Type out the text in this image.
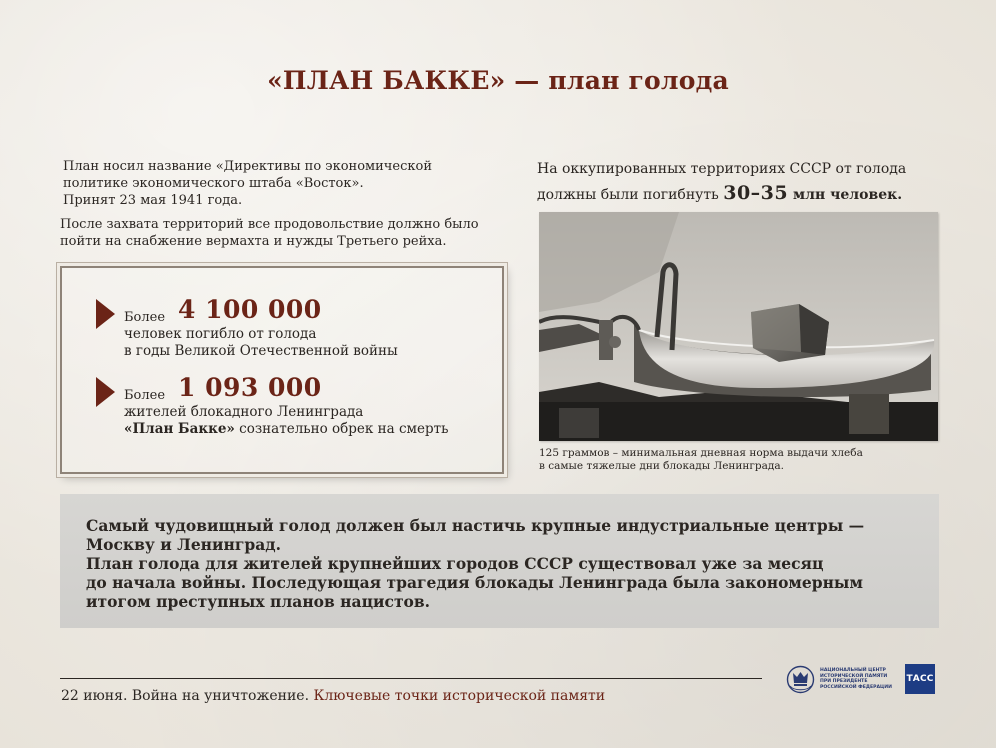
«ПЛАН БАККЕ» — план голода
План носил название «Директивы по экономической
политике экономического штаба «Восток».
Принят 23 мая 1941 года.
После захвата территорий все продовольствие должно было
пойти на снабжение вермахта и нужды Третьего рейха.
Более 4 100 000
человек погибло от голода
в годы Великой Отечественной войны
Более 1 093 000
жителей блокадного Ленинграда
«План Бакке» сознательно обрек на смерть
На оккупированных территориях СССР от голода
должны были погибнуть 30–35 млн человек.
125 граммов – минимальная дневная норма выдачи хлеба
в самые тяжелые дни блокады Ленинграда.
Самый чудовищный голод должен был настичь крупные индустриальные центры —
Москву и Ленинград.
План голода для жителей крупнейших городов СССР существовал уже за месяц
до начала войны. Последующая трагедия блокады Ленинграда была закономерным
итогом преступных планов нацистов.
22 июня. Война на уничтожение. Ключевые точки исторической памяти
НАЦИОНАЛЬНЫЙ ЦЕНТР
ИСТОРИЧЕСКОЙ ПАМЯТИ
ПРИ ПРЕЗИДЕНТЕ
РОССИЙСКОЙ ФЕДЕРАЦИИ
ТАСС
